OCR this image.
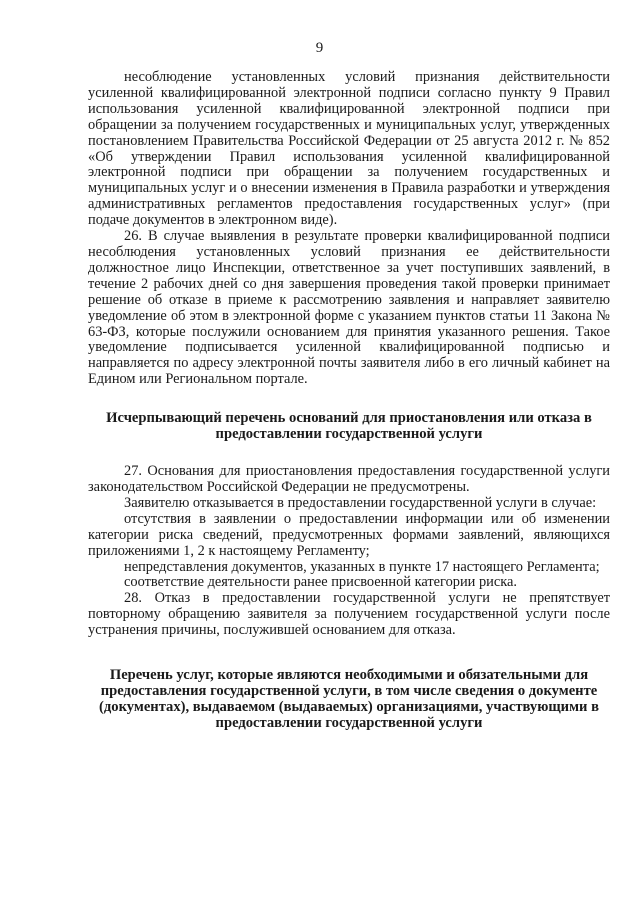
9

несоблюдение установленных условий признания действительности усиленной квалифицированной электронной подписи согласно пункту 9 Правил использования усиленной квалифицированной электронной подписи при обращении за получением государственных и муниципальных услуг, утвержденных постановлением Правительства Российской Федерации от 25 августа 2012 г. № 852 «Об утверждении Правил использования усиленной квалифицированной электронной подписи при обращении за получением государственных и муниципальных услуг и о внесении изменения в Правила разработки и утверждения административных регламентов предоставления государственных услуг» (при подаче документов в электронном виде).

26. В случае выявления в результате проверки квалифицированной подписи несоблюдения установленных условий признания ее действительности должностное лицо Инспекции, ответственное за учет поступивших заявлений, в течение 2 рабочих дней со дня завершения проведения такой проверки принимает решение об отказе в приеме к рассмотрению заявления и направляет заявителю уведомление об этом в электронной форме с указанием пунктов статьи 11 Закона № 63-ФЗ, которые послужили основанием для принятия указанного решения. Такое уведомление подписывается усиленной квалифицированной подписью и направляется по адресу электронной почты заявителя либо в его личный кабинет на Едином или Региональном портале.

Исчерпывающий перечень оснований для приостановления или отказа в предоставлении государственной услуги

27. Основания для приостановления предоставления государственной услуги законодательством Российской Федерации не предусмотрены.

Заявителю отказывается в предоставлении государственной услуги в случае:

отсутствия в заявлении о предоставлении информации или об изменении категории риска сведений, предусмотренных формами заявлений, являющихся приложениями 1, 2 к настоящему Регламенту;

непредставления документов, указанных в пункте 17 настоящего Регламента;

соответствие деятельности ранее присвоенной категории риска.

28. Отказ в предоставлении государственной услуги не препятствует повторному обращению заявителя за получением государственной услуги после устранения причины, послужившей основанием для отказа.

Перечень услуг, которые являются необходимыми и обязательными для предоставления государственной услуги, в том числе сведения о документе (документах), выдаваемом (выдаваемых) организациями, участвующими в предоставлении государственной услуги
